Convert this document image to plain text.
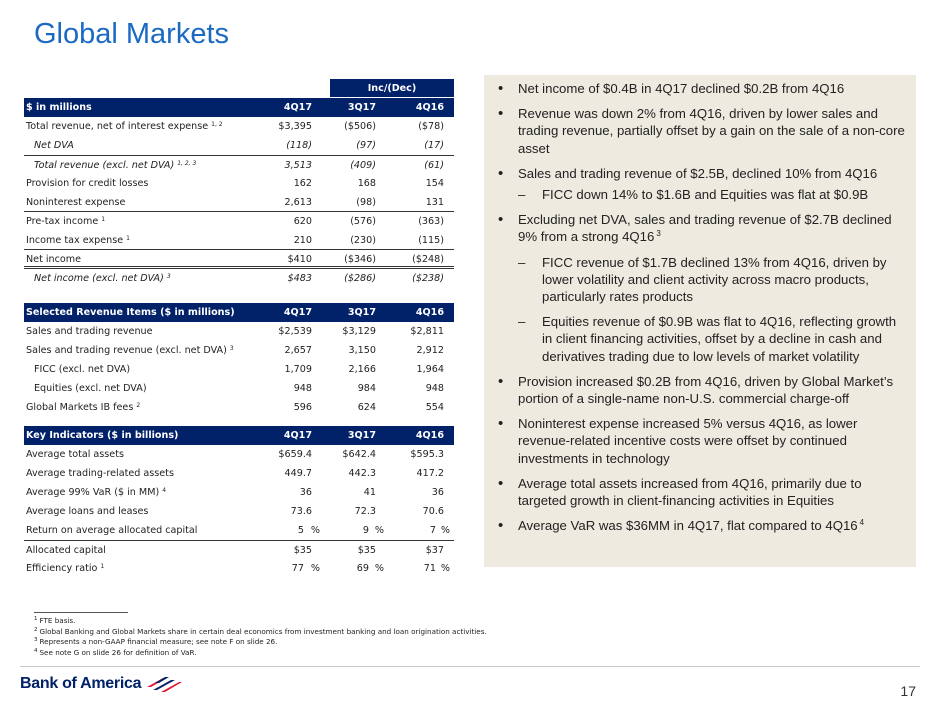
Global Markets
Inc/(Dec)
$ in millions	4Q17	3Q17	4Q16
Total revenue, net of interest expense $^{1, 2}$	$3,395	($506)	($78)
Net DVA	(118)	(97)	(17)
Total revenue (excl. net DVA) $^{1, 2, 3}$	3,513	(409)	(61)
Provision for credit losses	162	168	154
Noninterest expense	2,613	(98)	131
Pre-tax income $^1$	620	(576)	(363)
Income tax expense $^1$	210	(230)	(115)
Net income	$410	($346)	($248)
Net income (excl. net DVA) $^3$	$483	($286)	($238)
Selected Revenue Items ($ in millions)	4Q17	3Q17	4Q16
Sales and trading revenue	$2,539	$3,129	$2,811
Sales and trading revenue (excl. net DVA) $^3$	2,657	3,150	2,912
FICC (excl. net DVA)	1,709	2,166	1,964
Equities (excl. net DVA)	948	984	948
Global Markets IB fees $^2$	596	624	554
Key Indicators ($ in billions)	4Q17	3Q17	4Q16
Average total assets	$659.4	$642.4	$595.3
Average trading-related assets	449.7	442.3	417.2
Average 99% VaR ($ in MM) $^4$	36	41	36
Average loans and leases	73.6	72.3	70.6
Return on average allocated capital	5 %	9 %	7 %
Allocated capital	$35	$35	$37
Efficiency ratio $^1$	77 %	69 %	71 %
• Net income of $0.4B in 4Q17 declined $0.2B from 4Q16
• Revenue was down 2% from 4Q16, driven by lower sales and trading revenue, partially offset by a gain on the sale of a non-core asset
• Sales and trading revenue of $2.5B, declined 10% from 4Q16
– FICC down 14% to $1.6B and Equities was flat at $0.9B
• Excluding net DVA, sales and trading revenue of $2.7B declined 9% from a strong 4Q16 $^3$
– FICC revenue of $1.7B declined 13% from 4Q16, driven by lower volatility and client activity across macro products, particularly rates products
– Equities revenue of $0.9B was flat to 4Q16, reflecting growth in client financing activities, offset by a decline in cash and derivatives trading due to low levels of market volatility
• Provision increased $0.2B from 4Q16, driven by Global Market’s portion of a single-name non-U.S. commercial charge-off
• Noninterest expense increased 5% versus 4Q16, as lower revenue-related incentive costs were offset by continued investments in technology
• Average total assets increased from 4Q16, primarily due to targeted growth in client-financing activities in Equities
• Average VaR was $36MM in 4Q17, flat compared to 4Q16 $^4$
$^1$ FTE basis.
$^2$ Global Banking and Global Markets share in certain deal economics from investment banking and loan origination activities.
$^3$ Represents a non-GAAP financial measure; see note F on slide 26.
$^4$ See note G on slide 26 for definition of VaR.
Bank of America	17
